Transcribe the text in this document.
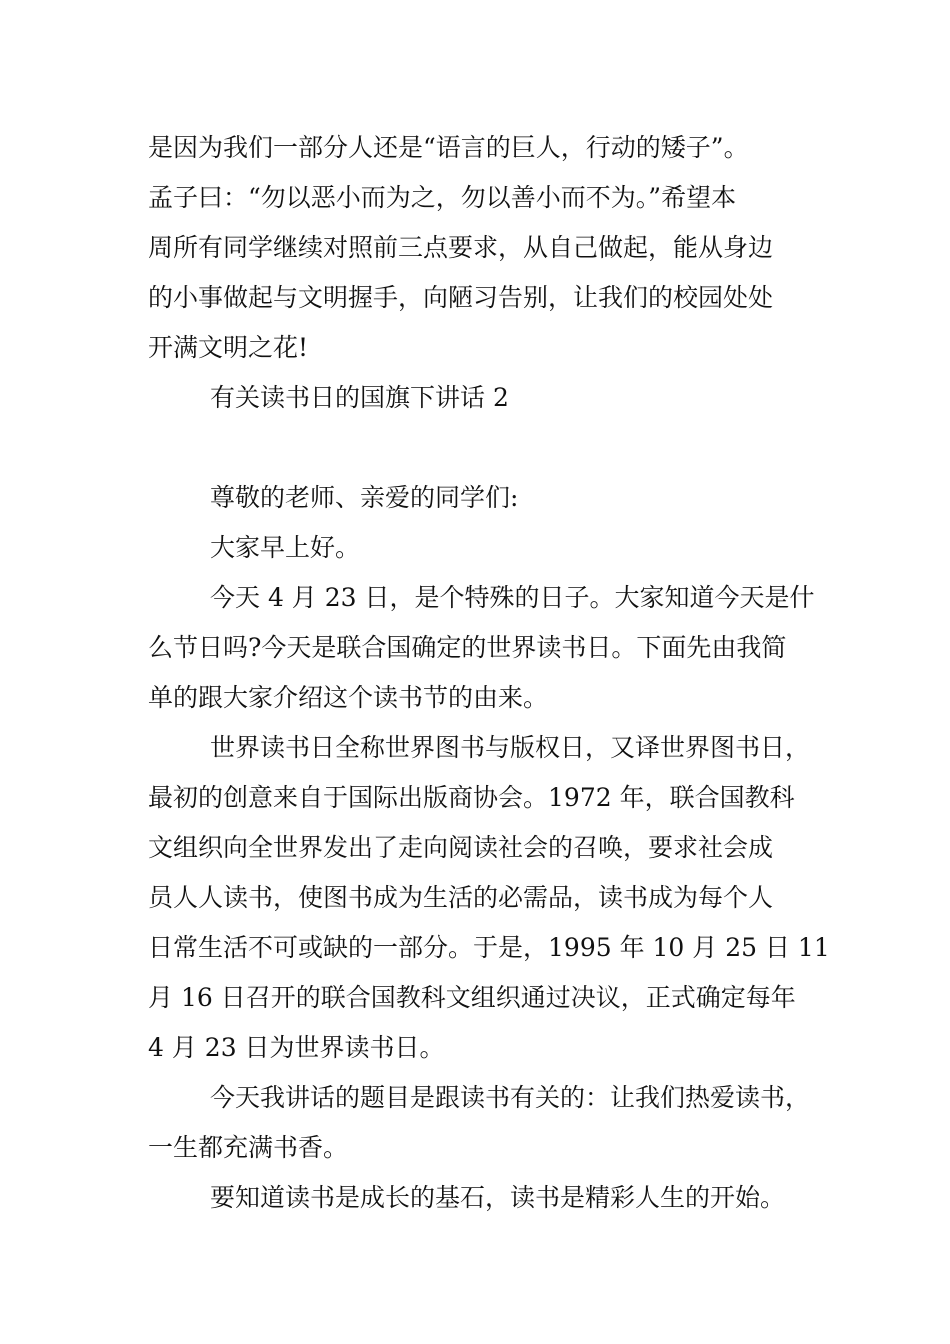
是因为我们一部分人还是“语言的巨人，行动的矮子”。

孟子曰：“勿以恶小而为之，勿以善小而不为。”希望本

周所有同学继续对照前三点要求，从自己做起，能从身边

的小事做起与文明握手，向陋习告别，让我们的校园处处

开满文明之花!

有关读书日的国旗下讲话 2

尊敬的老师、亲爱的同学们:

大家早上好。

今天 4 月 23 日，是个特殊的日子。大家知道今天是什

么节日吗?今天是联合国确定的世界读书日。下面先由我简

单的跟大家介绍这个读书节的由来。

世界读书日全称世界图书与版权日，又译世界图书日，

最初的创意来自于国际出版商协会。1972 年，联合国教科

文组织向全世界发出了走向阅读社会的召唤，要求社会成

员人人读书，使图书成为生活的必需品，读书成为每个人

日常生活不可或缺的一部分。于是，1995 年 10 月 25 日 11

月 16 日召开的联合国教科文组织通过决议，正式确定每年

4 月 23 日为世界读书日。

今天我讲话的题目是跟读书有关的：让我们热爱读书，

一生都充满书香。

要知道读书是成长的基石，读书是精彩人生的开始。
